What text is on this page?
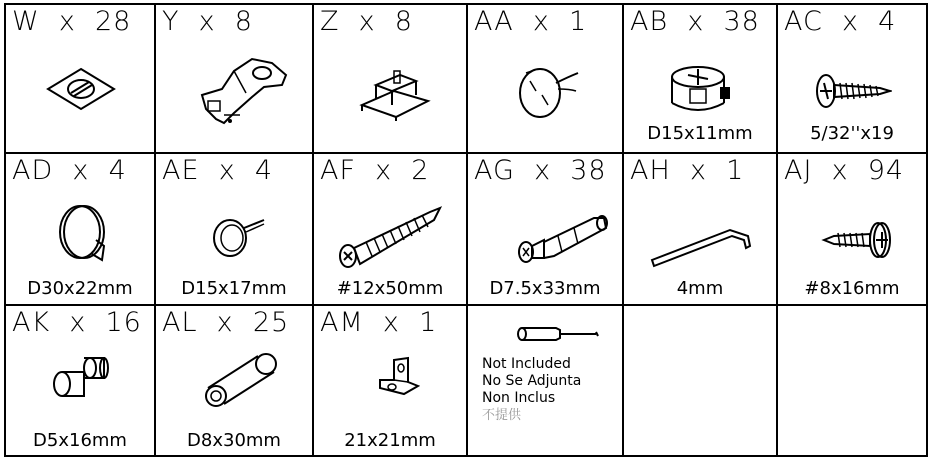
W  x  28 Y  x  8 Z  x  8 AA  x  1 AB  x  38
D15x11mm
AC  x  4
5/32''x19
AD  x  4
D30x22mm
AE  x  4
D15x17mm
AF  x  2
#12x50mm
AG  x  38
D7.5x33mm
AH  x  1
4mm
AJ  x  94
#8x16mm
AK  x  16
D5x16mm
AL  x  25
D8x30mm
AM  x  1
21x21mm
Not Included
No Se Adjunta
Non Inclus
不提供
